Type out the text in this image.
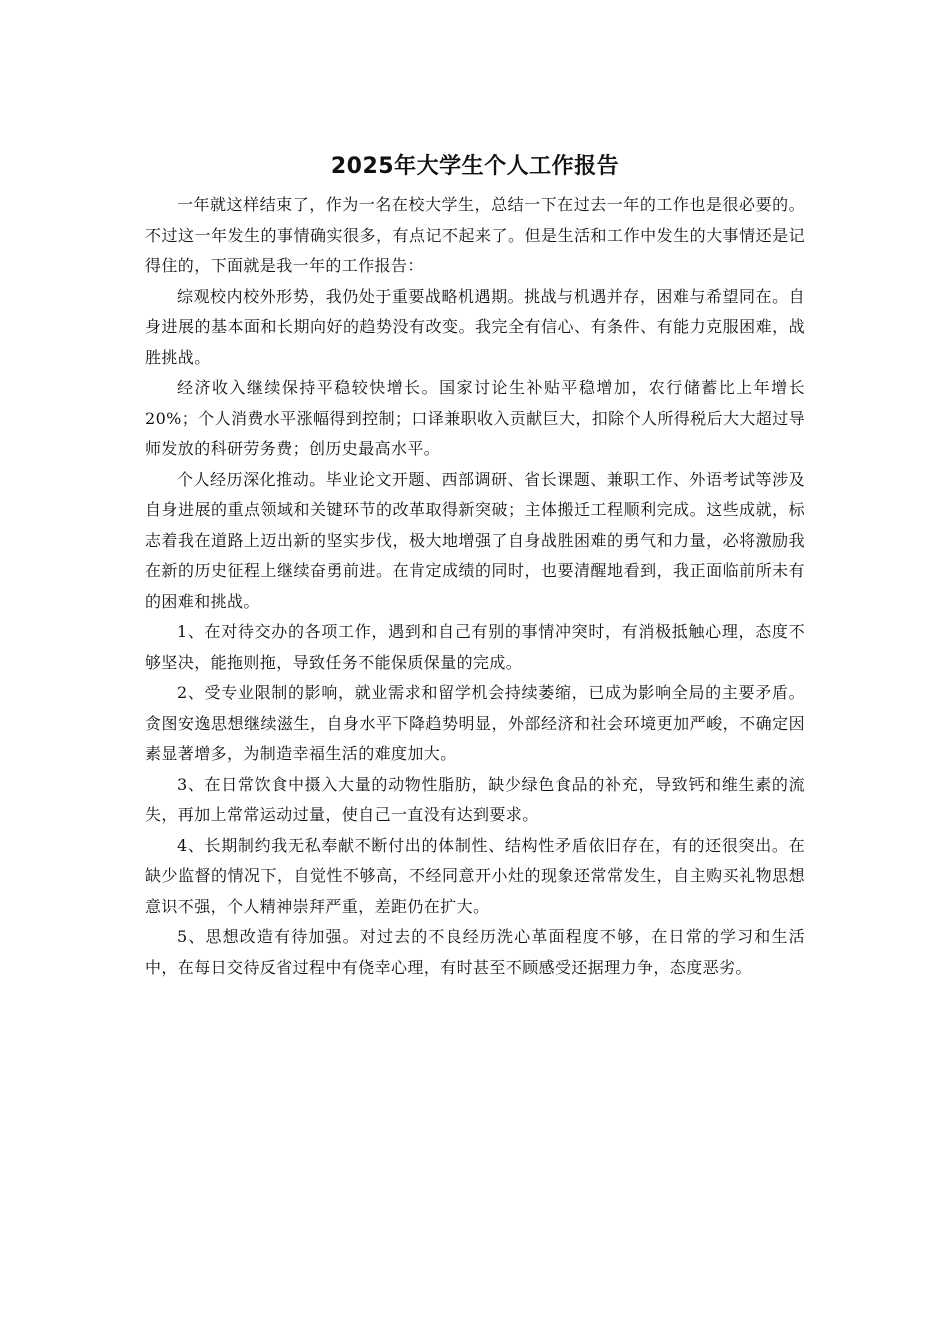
2025年大学生个人工作报告

一年就这样结束了，作为一名在校大学生，总结一下在过去一年的工作也是很必要的。不过这一年发生的事情确实很多，有点记不起来了。但是生活和工作中发生的大事情还是记得住的，下面就是我一年的工作报告：

综观校内校外形势，我仍处于重要战略机遇期。挑战与机遇并存，困难与希望同在。自身进展的基本面和长期向好的趋势没有改变。我完全有信心、有条件、有能力克服困难，战胜挑战。

经济收入继续保持平稳较快增长。国家讨论生补贴平稳增加，农行储蓄比上年增长20%；个人消费水平涨幅得到控制；口译兼职收入贡献巨大，扣除个人所得税后大大超过导师发放的科研劳务费；创历史最高水平。

个人经历深化推动。毕业论文开题、西部调研、省长课题、兼职工作、外语考试等涉及自身进展的重点领域和关键环节的改革取得新突破；主体搬迁工程顺利完成。这些成就，标志着我在道路上迈出新的坚实步伐，极大地增强了自身战胜困难的勇气和力量，必将激励我在新的历史征程上继续奋勇前进。在肯定成绩的同时，也要清醒地看到，我正面临前所未有的困难和挑战。

1、在对待交办的各项工作，遇到和自己有别的事情冲突时，有消极抵触心理，态度不够坚决，能拖则拖，导致任务不能保质保量的完成。

2、受专业限制的影响，就业需求和留学机会持续萎缩，已成为影响全局的主要矛盾。贪图安逸思想继续滋生，自身水平下降趋势明显，外部经济和社会环境更加严峻，不确定因素显著增多，为制造幸福生活的难度加大。

3、在日常饮食中摄入大量的动物性脂肪，缺少绿色食品的补充，导致钙和维生素的流失，再加上常常运动过量，使自己一直没有达到要求。

4、长期制约我无私奉献不断付出的体制性、结构性矛盾依旧存在，有的还很突出。在缺少监督的情况下，自觉性不够高，不经同意开小灶的现象还常常发生，自主购买礼物思想意识不强，个人精神崇拜严重，差距仍在扩大。

5、思想改造有待加强。对过去的不良经历洗心革面程度不够，在日常的学习和生活中，在每日交待反省过程中有侥幸心理，有时甚至不顾感受还据理力争，态度恶劣。
